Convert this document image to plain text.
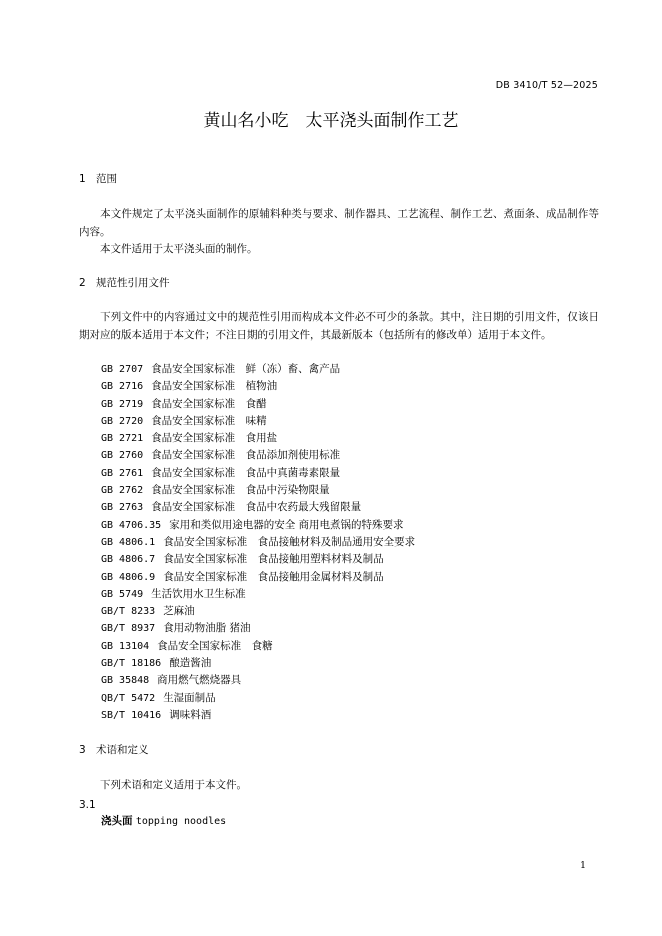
DB 3410/T 52—2025
黄山名小吃 太平浇头面制作工艺
1 范围
本文件规定了太平浇头面制作的原辅料种类与要求、制作器具、工艺流程、制作工艺、煮面条、成品制作等内容。
本文件适用于太平浇头面的制作。
2 规范性引用文件
下列文件中的内容通过文中的规范性引用而构成本文件必不可少的条款。其中，注日期的引用文件，仅该日期对应的版本适用于本文件；不注日期的引用文件，其最新版本（包括所有的修改单）适用于本文件。
GB 2707 食品安全国家标准　鲜（冻）畜、禽产品
GB 2716 食品安全国家标准　植物油
GB 2719 食品安全国家标准　食醋
GB 2720 食品安全国家标准　味精
GB 2721 食品安全国家标准　食用盐
GB 2760 食品安全国家标准　食品添加剂使用标准
GB 2761 食品安全国家标准　食品中真菌毒素限量
GB 2762 食品安全国家标准　食品中污染物限量
GB 2763 食品安全国家标准　食品中农药最大残留限量
GB 4706.35 家用和类似用途电器的安全 商用电煮锅的特殊要求
GB 4806.1 食品安全国家标准　食品接触材料及制品通用安全要求
GB 4806.7 食品安全国家标准　食品接触用塑料材料及制品
GB 4806.9 食品安全国家标准　食品接触用金属材料及制品
GB 5749 生活饮用水卫生标准
GB/T 8233 芝麻油
GB/T 8937 食用动物油脂 猪油
GB 13104 食品安全国家标准　食糖
GB/T 18186 酿造酱油
GB 35848 商用燃气燃烧器具
QB/T 5472 生湿面制品
SB/T 10416 调味料酒
3 术语和定义
下列术语和定义适用于本文件。
3.1
浇头面 topping noodles
1
